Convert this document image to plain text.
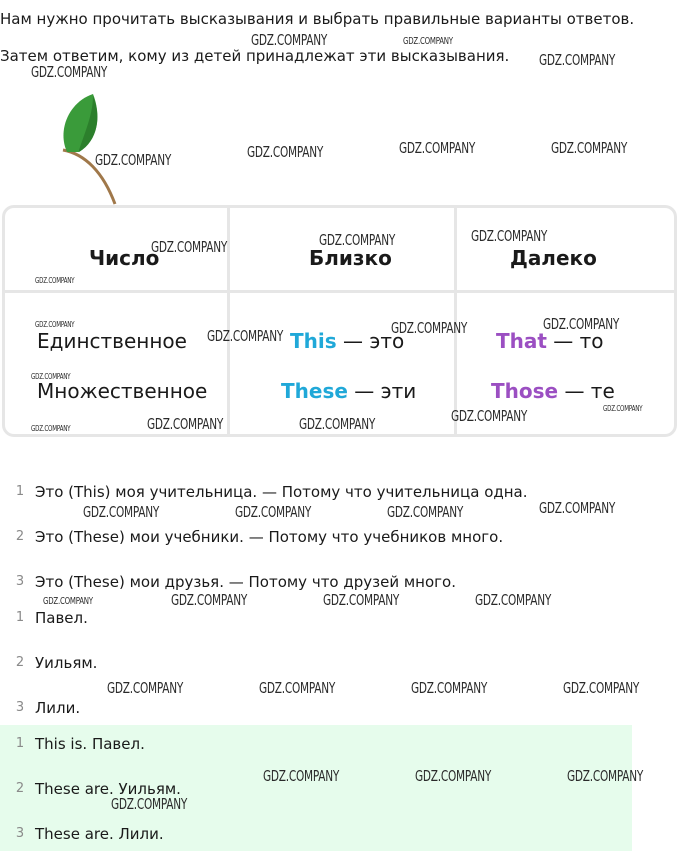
Нам нужно прочитать высказывания и выбрать правильные варианты ответов.

Затем ответим, кому из детей принадлежат эти высказывания.

Число	Близко	Далеко
Единственное	This — это	That — то
Множественное	These — эти	Those — те
1 Это (This) моя учительница. — Потому что учительница одна.
2 Это (These) мои учебники. — Потому что учебников много.
3 Это (These) мои друзья. — Потому что друзей много.
1 Павел.
2 Уильям.
3 Лили.
1 This is. Павел.
2 These are. Уильям.
3 These are. Лили.
GDZ.COMPANY	GDZ.COMPANY
GDZ.COMPANY
GDZ.COMPANY
GDZ.COMPANY	GDZ.COMPANY	GDZ.COMPANY	GDZ.COMPANY
GDZ.COMPANY	GDZ.COMPANY	GDZ.COMPANY
GDZ.COMPANY
GDZ.COMPANY
GDZ.COMPANY	GDZ.COMPANY	GDZ.COMPANY
GDZ.COMPANY
GDZ.COMPANY
GDZ.COMPANY
GDZ.COMPANY	GDZ.COMPANY
GDZ.COMPANY
GDZ.COMPANY
GDZ.COMPANY	GDZ.COMPANY	GDZ.COMPANY
GDZ.COMPANY	GDZ.COMPANY	GDZ.COMPANY	GDZ.COMPANY
GDZ.COMPANY	GDZ.COMPANY	GDZ.COMPANY	GDZ.COMPANY
GDZ.COMPANY	GDZ.COMPANY	GDZ.COMPANY
GDZ.COMPANY
